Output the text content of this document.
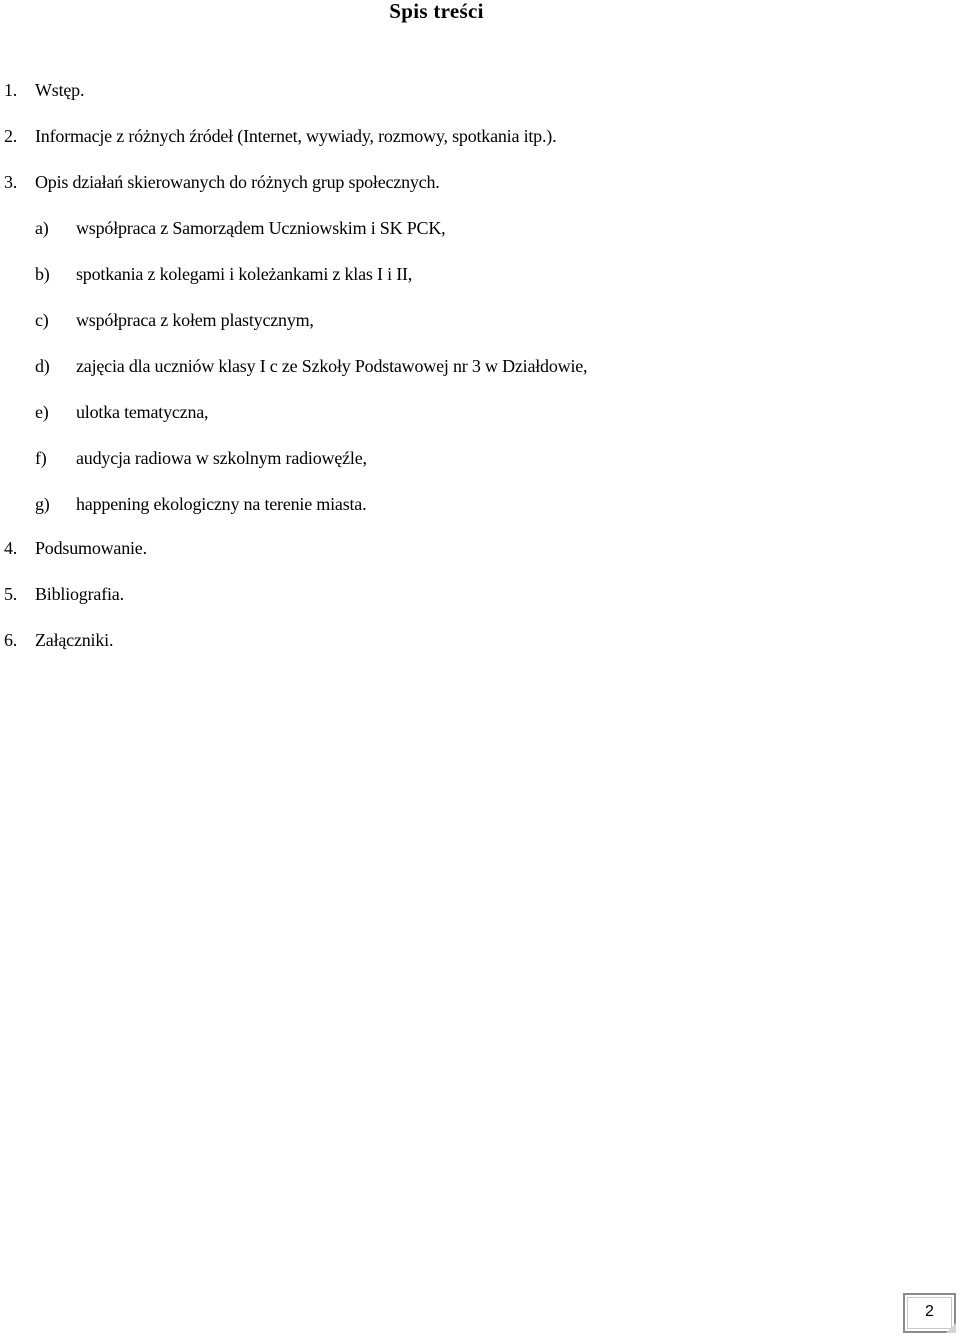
Spis treści
1. Wstęp.
2. Informacje z różnych źródeł (Internet, wywiady, rozmowy, spotkania itp.).
3. Opis działań skierowanych do różnych grup społecznych.
a) współpraca z Samorządem Uczniowskim i SK PCK,
b) spotkania z kolegami i koleżankami z klas I i II,
c) współpraca z kołem plastycznym,
d) zajęcia dla uczniów klasy I c ze Szkoły Podstawowej nr 3 w Działdowie,
e) ulotka tematyczna,
f) audycja radiowa w szkolnym radiowęźle,
g) happening ekologiczny na terenie miasta.
4. Podsumowanie.
5. Bibliografia.
6. Załączniki.
2
